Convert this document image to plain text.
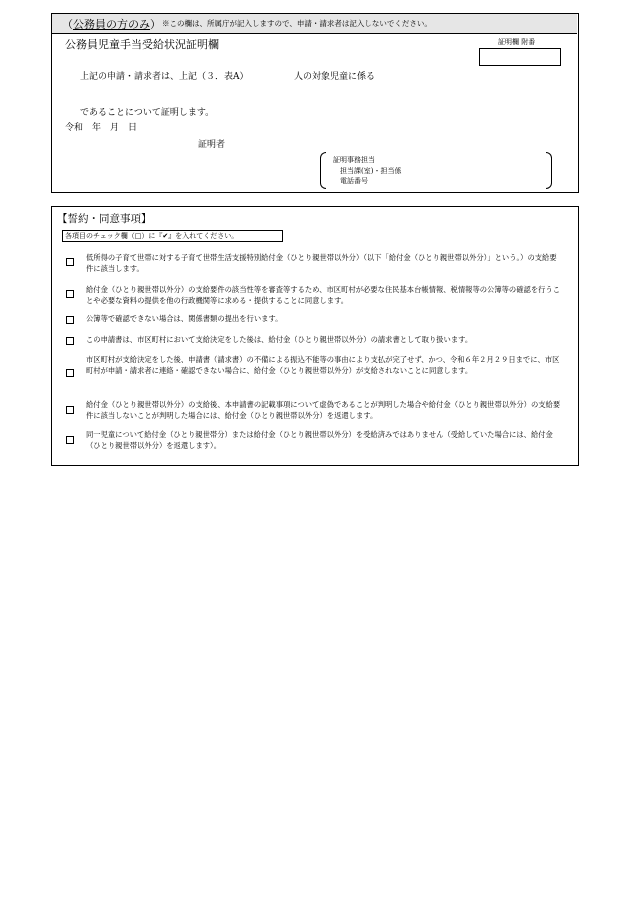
（公務員の方のみ） ※この欄は、所属庁が記入しますので、申請・請求者は記入しないでください。
公務員児童手当受給状況証明欄	証明欄 附番
上記の申請・請求者は、上記（３．表A）	人の対象児童に係る
であることについて証明します。
令和　年　月　日
証明者
証明事務担当
担当課(室)・担当係
電話番号
【誓約・同意事項】
各項目のチェック欄（□）に『✔』を入れてください。
低所得の子育て世帯に対する子育て世帯生活支援特別給付金（ひとり親世帯以外分）（以下「給付金（ひとり親世帯以外分）」という。）の支給要件に該当します。
給付金（ひとり親世帯以外分）の支給要件の該当性等を審査等するため、市区町村が必要な住民基本台帳情報、税情報等の公簿等の確認を行うことや必要な資料の提供を他の行政機関等に求める・提供することに同意します。
公簿等で確認できない場合は、関係書類の提出を行います。
この申請書は、市区町村において支給決定をした後は、給付金（ひとり親世帯以外分）の請求書として取り扱います。
市区町村が支給決定をした後、申請書（請求書）の不備による振込不能等の事由により支払が完了せず、かつ、令和６年２月２９日までに、市区町村が申請・請求者に連絡・確認できない場合に、給付金（ひとり親世帯以外分）が支給されないことに同意します。
給付金（ひとり親世帯以外分）の支給後、本申請書の記載事項について虚偽であることが判明した場合や給付金（ひとり親世帯以外分）の支給要件に該当しないことが判明した場合には、給付金（ひとり親世帯以外分）を返還します。
同一児童について給付金（ひとり親世帯分）または給付金（ひとり親世帯以外分）を受給済みではありません（受給していた場合には、給付金（ひとり親世帯以外分）を返還します）。
